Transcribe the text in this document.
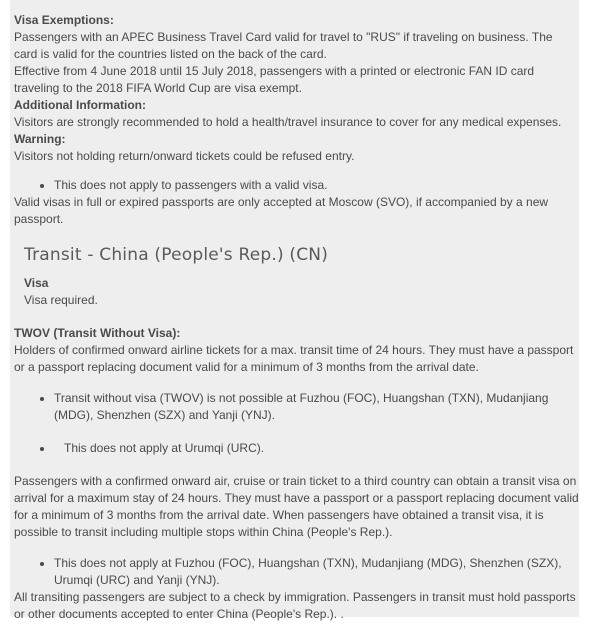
Visa Exemptions:

Passengers with an APEC Business Travel Card valid for travel to "RUS" if traveling on business. The card is valid for the countries listed on the back of the card.

Effective from 4 June 2018 until 15 July 2018, passengers with a printed or electronic FAN ID card traveling to the 2018 FIFA World Cup are visa exempt.

Additional Information:

Visitors are strongly recommended to hold a health/travel insurance to cover for any medical expenses.

Warning:

Visitors not holding return/onward tickets could be refused entry.

• This does not apply to passengers with a valid visa.

Valid visas in full or expired passports are only accepted at Moscow (SVO), if accompanied by a new passport.

Transit - China (People's Rep.) (CN)

Visa

Visa required.

TWOV (Transit Without Visa):

Holders of confirmed onward airline tickets for a max. transit time of 24 hours. They must have a passport or a passport replacing document valid for a minimum of 3 months from the arrival date.

• Transit without visa (TWOV) is not possible at Fuzhou (FOC), Huangshan (TXN), Mudanjiang (MDG), Shenzhen (SZX) and Yanji (YNJ).
• This does not apply at Urumqi (URC).

Passengers with a confirmed onward air, cruise or train ticket to a third country can obtain a transit visa on arrival for a maximum stay of 24 hours. They must have a passport or a passport replacing document valid for a minimum of 3 months from the arrival date. When passengers have obtained a transit visa, it is possible to transit including multiple stops within China (People's Rep.).

• This does not apply at Fuzhou (FOC), Huangshan (TXN), Mudanjiang (MDG), Shenzhen (SZX), Urumqi (URC) and Yanji (YNJ).

All transiting passengers are subject to a check by immigration. Passengers in transit must hold passports or other documents accepted to enter China (People's Rep.). .
